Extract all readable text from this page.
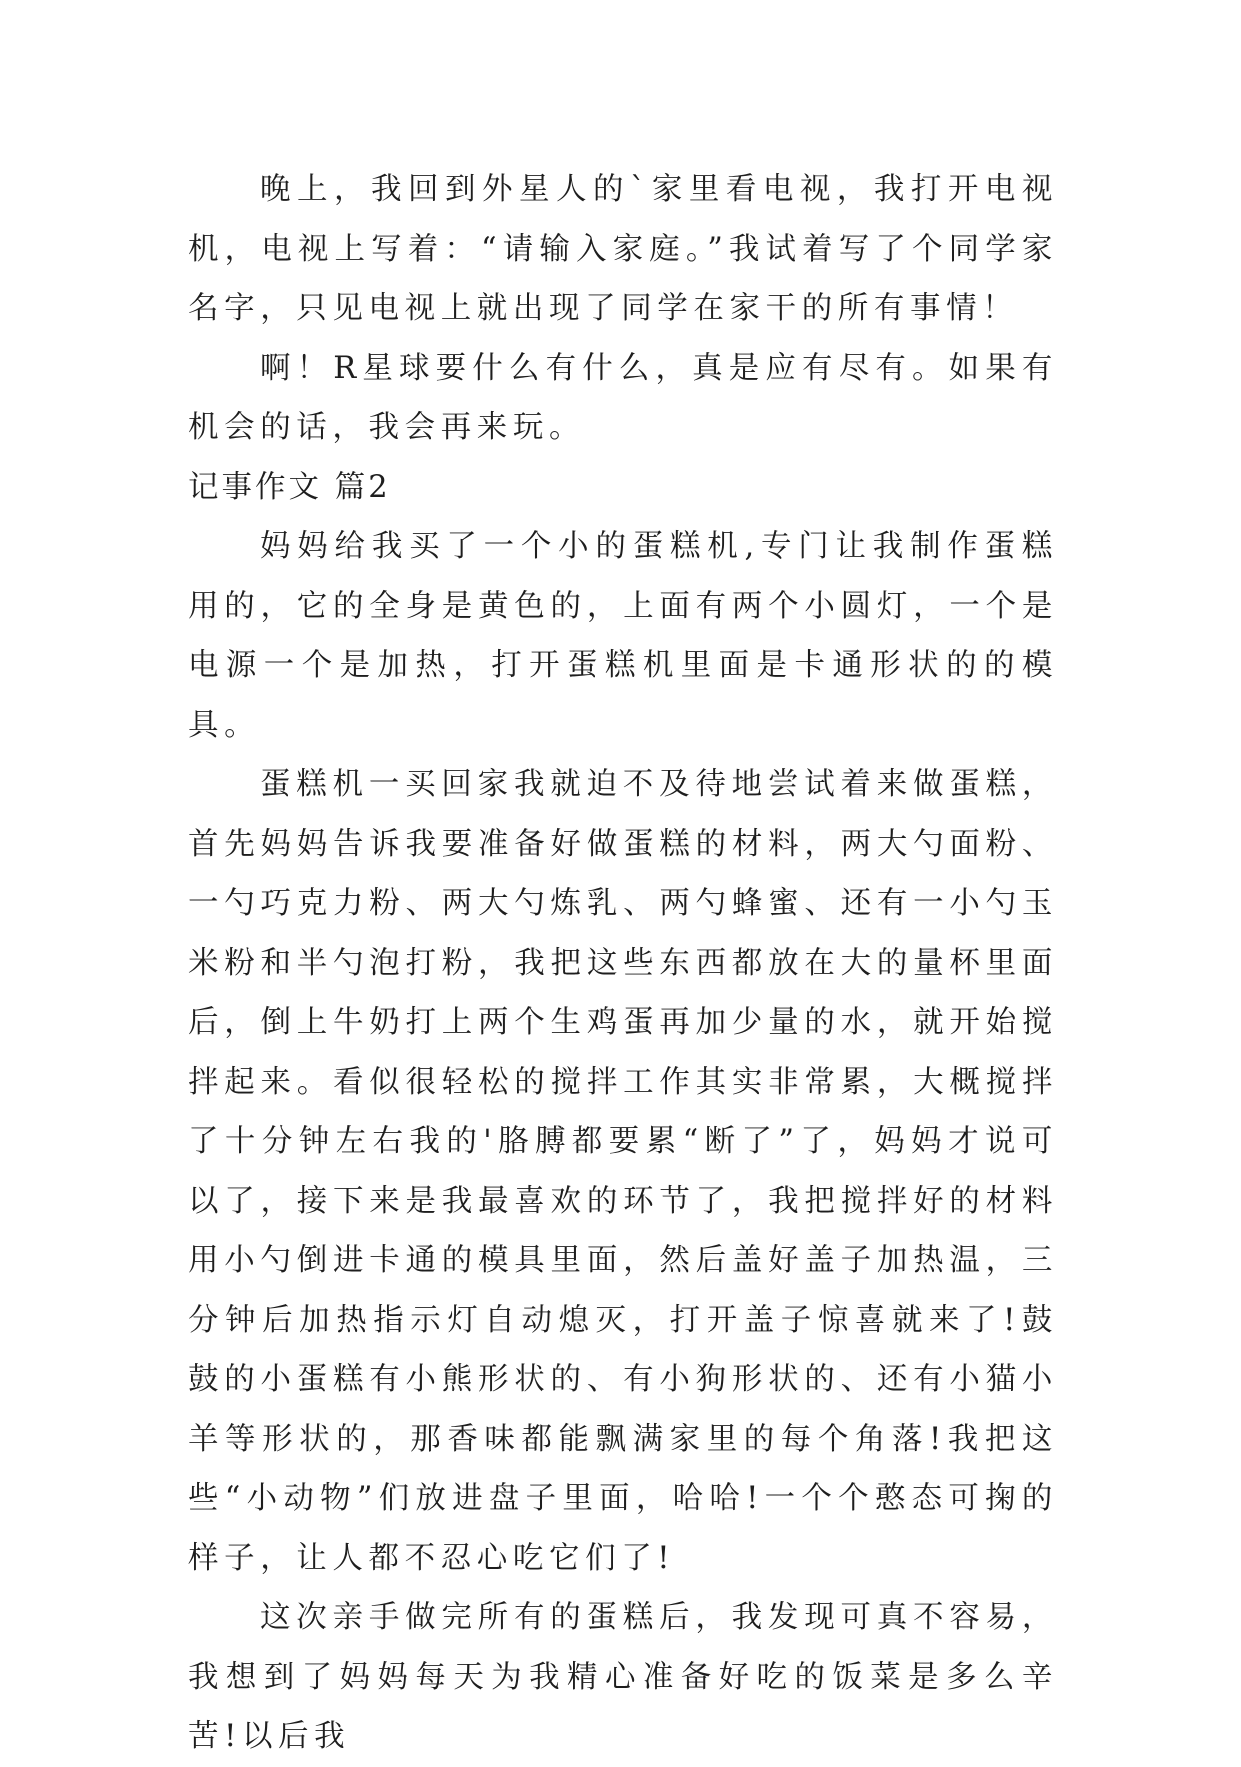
晚上，我回到外星人的`家里看电视，我打开电视机，电视上写着：“请输入家庭。”我试着写了个同学家名字，只见电视上就出现了同学在家干的所有事情！

啊！R星球要什么有什么，真是应有尽有。如果有机会的话，我会再来玩。

记事作文 篇2

妈妈给我买了一个小的蛋糕机,专门让我制作蛋糕用的，它的全身是黄色的，上面有两个小圆灯，一个是电源一个是加热，打开蛋糕机里面是卡通形状的的模具。

蛋糕机一买回家我就迫不及待地尝试着来做蛋糕，首先妈妈告诉我要准备好做蛋糕的材料，两大勺面粉、一勺巧克力粉、两大勺炼乳、两勺蜂蜜、还有一小勺玉米粉和半勺泡打粉，我把这些东西都放在大的量杯里面后，倒上牛奶打上两个生鸡蛋再加少量的水，就开始搅拌起来。看似很轻松的搅拌工作其实非常累，大概搅拌了十分钟左右我的'胳膊都要累“断了”了，妈妈才说可以了，接下来是我最喜欢的环节了，我把搅拌好的材料用小勺倒进卡通的模具里面，然后盖好盖子加热温，三分钟后加热指示灯自动熄灭，打开盖子惊喜就来了!鼓鼓的小蛋糕有小熊形状的、有小狗形状的、还有小猫小羊等形状的，那香味都能飘满家里的每个角落!我把这些“小动物”们放进盘子里面，哈哈!一个个憨态可掬的样子，让人都不忍心吃它们了!

这次亲手做完所有的蛋糕后，我发现可真不容易，我想到了妈妈每天为我精心准备好吃的饭菜是多么辛苦!以后我
